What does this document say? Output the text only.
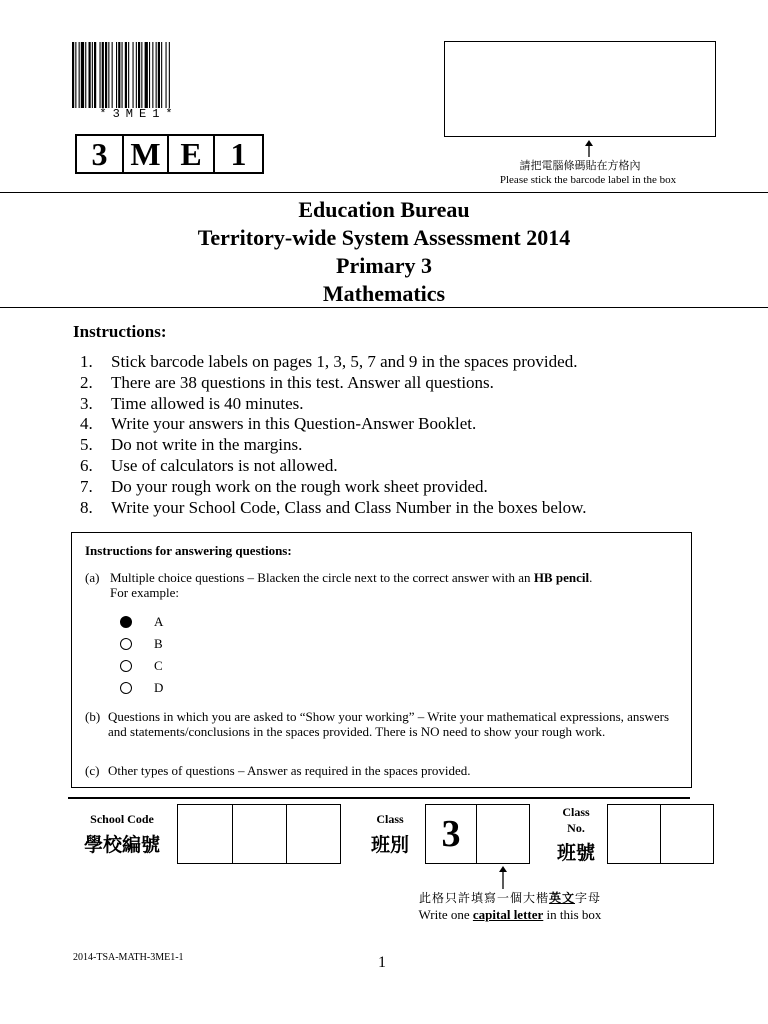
*3ME1*
3 M E 1	請把電腦條碼貼在方格內
Please stick the barcode label in the box
Education Bureau
Territory-wide System Assessment 2014
Primary 3
Mathematics
Instructions:
1.	Stick barcode labels on pages 1, 3, 5, 7 and 9 in the spaces provided.
2.	There are 38 questions in this test. Answer all questions.
3.	Time allowed is 40 minutes.
4.	Write your answers in this Question-Answer Booklet.
5.	Do not write in the margins.
6.	Use of calculators is not allowed.
7.	Do your rough work on the rough work sheet provided.
8.	Write your School Code, Class and Class Number in the boxes below.
Instructions for answering questions:
(a) Multiple choice questions – Blacken the circle next to the correct answer with an HB pencil.
For example:
A
B
C
D
(b) Questions in which you are asked to “Show your working” – Write your mathematical expressions, answers and statements/conclusions in the spaces provided. There is NO need to show your rough work.
(c) Other types of questions – Answer as required in the spaces provided.
School Code
學校編號
Class
班別 3
Class
No.
班號
此格只許填寫一個大楷英文字母
Write one capital letter in this box
2014-TSA-MATH-3ME1-1	1
